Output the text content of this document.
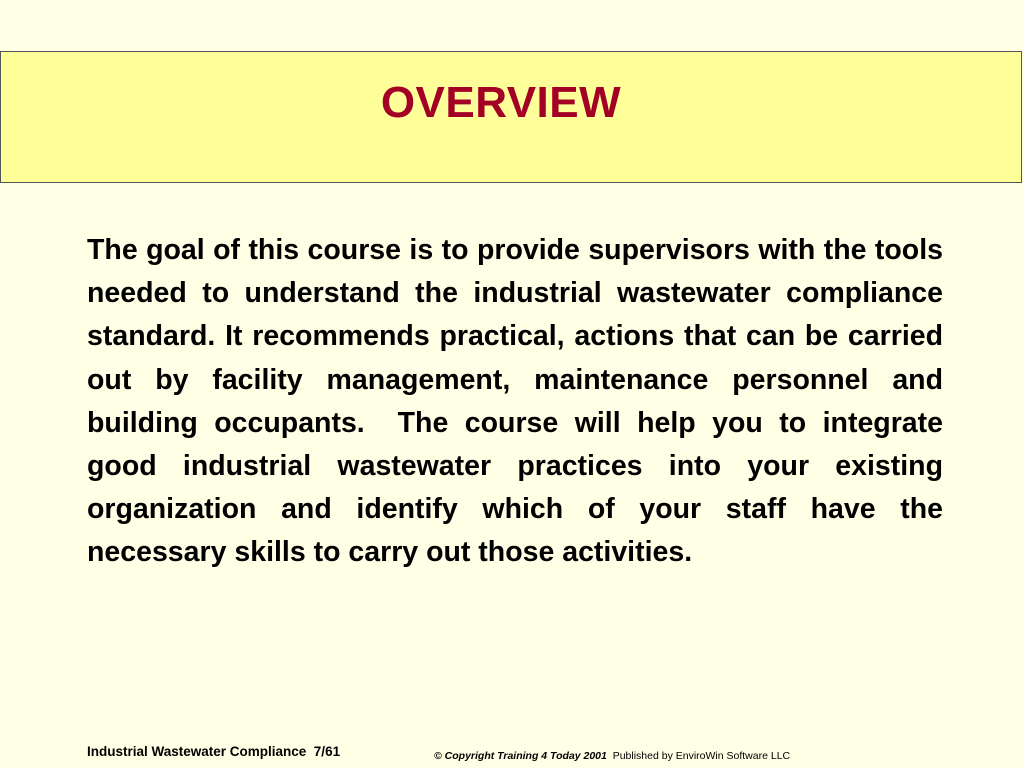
OVERVIEW

The goal of this course is to provide supervisors with the tools needed to understand the industrial wastewater compliance standard. It recommends practical, actions that can be carried out by facility management, maintenance personnel and building occupants.  The course will help you to integrate good industrial wastewater practices into your existing organization and identify which of your staff have the necessary skills to carry out those activities.

Industrial Wastewater Compliance  7/61	© Copyright Training 4 Today 2001 Published by EnviroWin Software LLC
